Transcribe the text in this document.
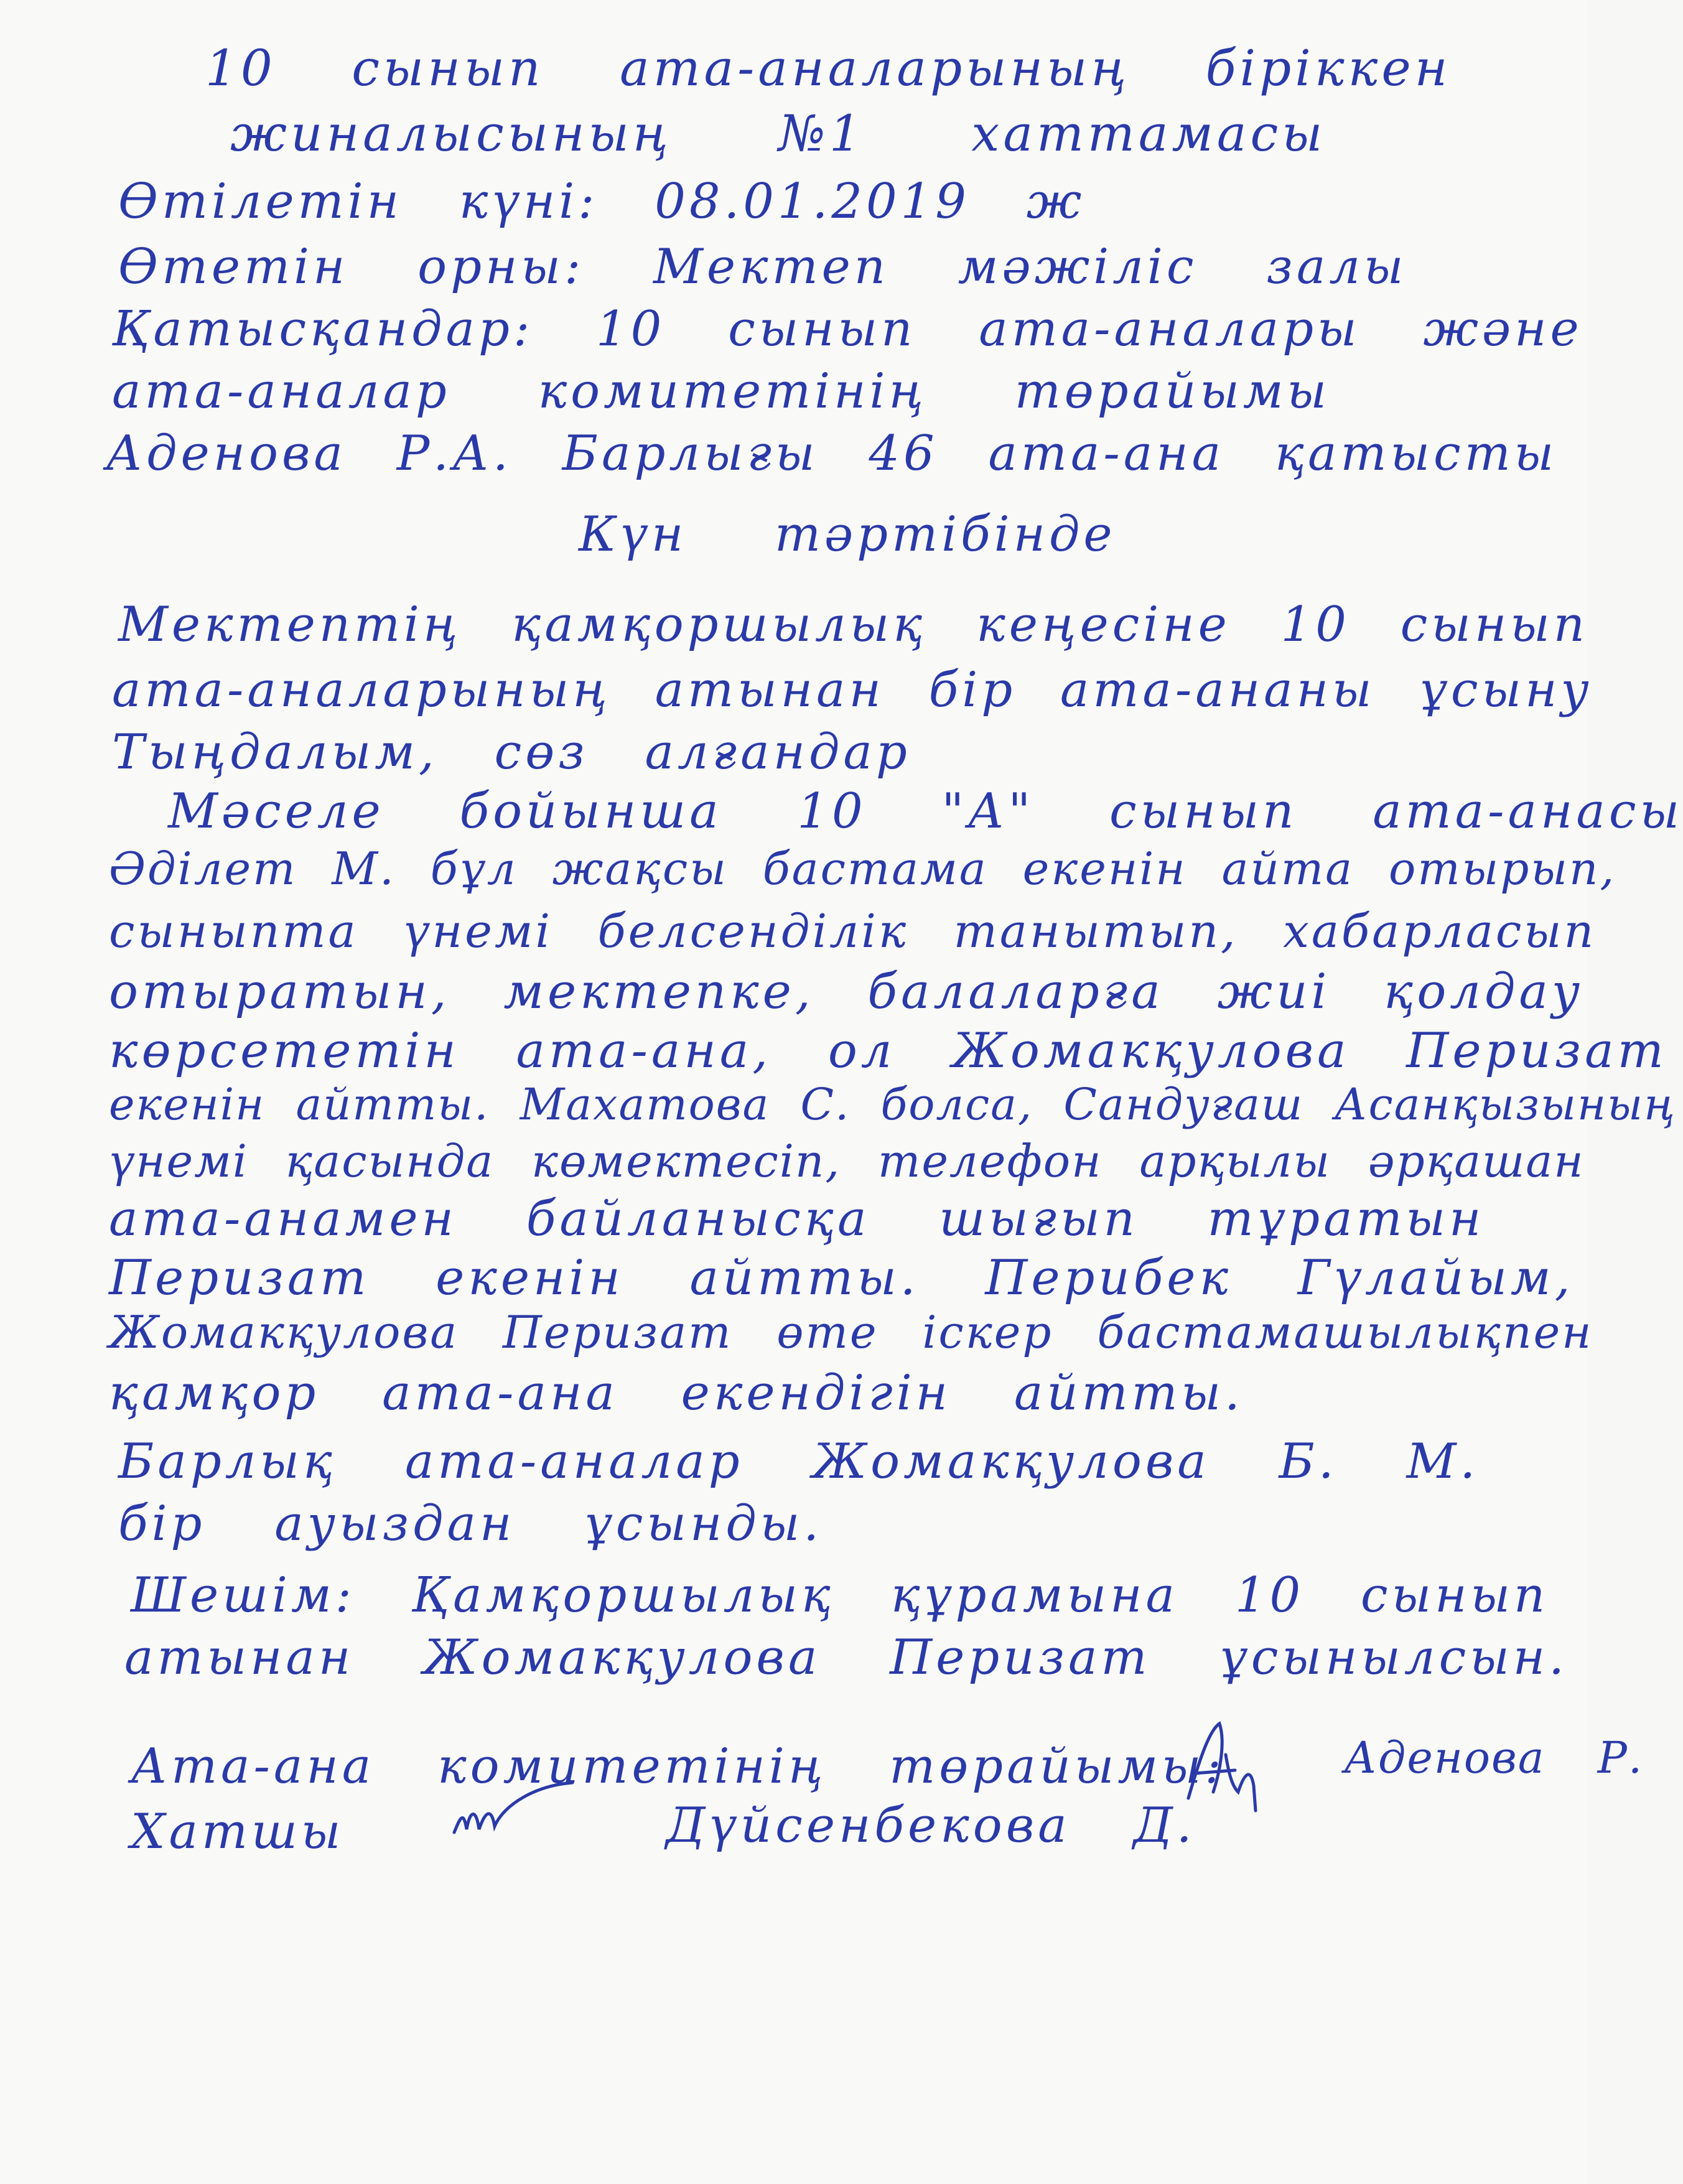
10 сынып ата-аналарының біріккен
жиналысының №1 хаттамасы
Өтілетін күні: 08.01.2019 ж
Өтетін орны: Мектеп мәжіліс залы
Қатысқандар: 10 сынып ата-аналары және
ата-аналар комитетінің төрайымы
Аденова Р.А. Барлығы 46 ата-ана қатысты
Күн тәртібінде
Мектептің қамқоршылық кеңесіне 10 сынып
ата-аналарының атынан бір ата-ананы ұсыну
Тыңдалым, сөз алғандар
Мәселе бойынша 10 "А" сынып ата-анасы
Әділет М. бұл жақсы бастама екенін айта отырып,
сыныпта үнемі белсенділік танытып, хабарласып
отыратын, мектепке, балаларға жиі қолдау
көрсететін ата-ана, ол Жомакқулова Перизат
екенін айтты. Махатова С. болса, Сандуғаш Асанқызының
үнемі қасында көмектесіп, телефон арқылы әрқашан
ата-анамен байланысқа шығып тұратын
Перизат екенін айтты. Перибек Гүлайым,
Жомакқулова Перизат өте іскер бастамашылықпен
қамқор ата-ана екендігін айтты.
Барлық ата-аналар Жомакқулова Б. М.
бір ауыздан ұсынды.
Шешім: Қамқоршылық құрамына 10 сынып
атынан Жомакқулова Перизат ұсынылсын.
Ата-ана комитетінің төрайымы:	Аденова Р.
Хатшы	Дүйсенбекова Д.
